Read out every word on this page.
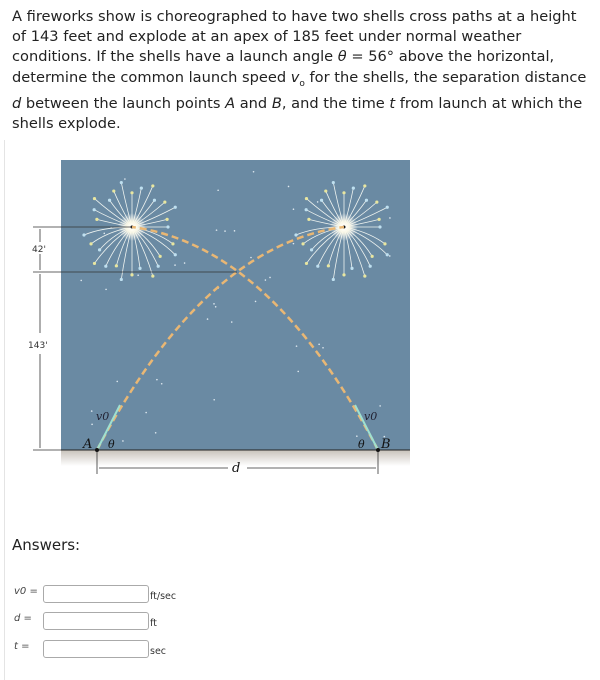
A fireworks show is choreographed to have two shells cross paths at a height of 143 feet and explode at an apex of 185 feet under normal weather conditions. If the shells have a launch angle θ = 56° above the horizontal, determine the common launch speed $v_o$ for the shells, the separation distance d between the launch points A and B, and the time t from launch at which the shells explode.
42'
143'
A	B
θ	θ
v0	v0
d
Answers:
v0 =	ft/sec
d =	ft
t =	sec
